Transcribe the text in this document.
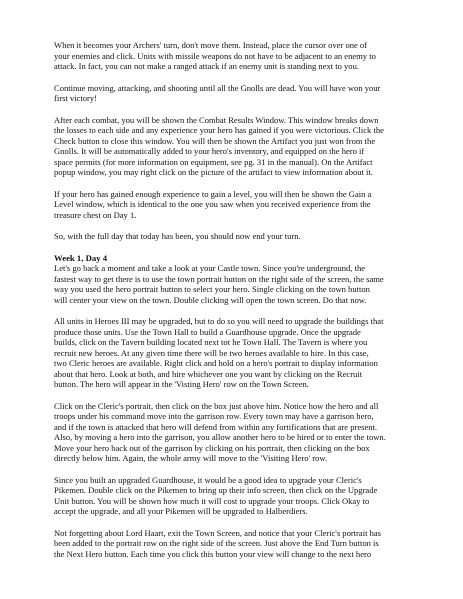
When it becomes your Archers' turn, don't move them. Instead, place the cursor over one of
your enemies and click. Units with missile weapons do not have to be adjacent to an enemy to
attack. In fact, you can not make a ranged attack if an enemy unit is standing next to you.

Continue moving, attacking, and shooting until all the Gnolls are dead. You will have won your
first victory!

After each combat, you will be shown the Combat Results Window. This window breaks down
the losses to each side and any experience your hero has gained if you were victorious. Click the
Check button to close this window. You will then be shown the Artifact you just won from the
Gnolls. It will be automatically added to your hero's inventory, and equipped on the hero if
space permits (for more information on equipment, see pg. 31 in the manual). On the Artifact
popup window, you may right click on the picture of the artifact to view information about it.

If your hero has gained enough experience to gain a level, you will then be shown the Gain a
Level window, which is identical to the one you saw when you received experience from the
treasure chest on Day 1.

So, with the full day that today has been, you should now end your turn.

Week 1, Day 4

Let's go back a moment and take a look at your Castle town. Since you're underground, the
fastest way to get there is to use the town portrait button on the right side of the screen, the same
way you used the hero portrait button to select your hero. Single clicking on the town button
will center your view on the town. Double clicking will open the town screen. Do that now.

All units in Heroes III may be upgraded, but to do so you will need to upgrade the buildings that
produce those units. Use the Town Hall to build a Guardhouse upgrade. Once the upgrade
builds, click on the Tavern building located next tot he Town Hall. The Tavern is where you
recruit new heroes. At any given time there will be two heroes available to hire. In this case,
two Cleric heroes are available. Right click and hold on a hero's portrait to display information
about that hero. Look at both, and hire whichever one you want by clicking on the Recruit
button. The hero will appear in the 'Visting Hero' row on the Town Screen.

Click on the Cleric's portrait, then click on the box just above him. Notice how the hero and all
troops under his command move into the garrison row. Every town may have a garrison hero,
and if the town is attacked that hero will defend from within any fortifications that are present.
Also, by moving a hero into the garrison, you allow another hero to be hired or to enter the town.
Move your hero back out of the garrison by clicking on his portrait, then clicking on the box
directly below him. Again, the whole army will move to the 'Visiting Hero' row.

Since you built an upgraded Guardhouse, it would be a good idea to upgrade your Cleric's
Pikemen. Double click on the Pikemen to bring up their info screen, then click on the Upgrade
Unit button. You will be shown how much it will cost to upgrade your troops. Click Okay to
accept the upgrade, and all your Pikemen will be upgraded to Halberdiers.

Not forgetting about Lord Haart, exit the Town Screen, and notice that your Cleric's portrait has
been added to the portrait row on the right side of the screen. Just above the End Turn button is
the Next Hero button. Each time you click this button your view will change to the next hero
